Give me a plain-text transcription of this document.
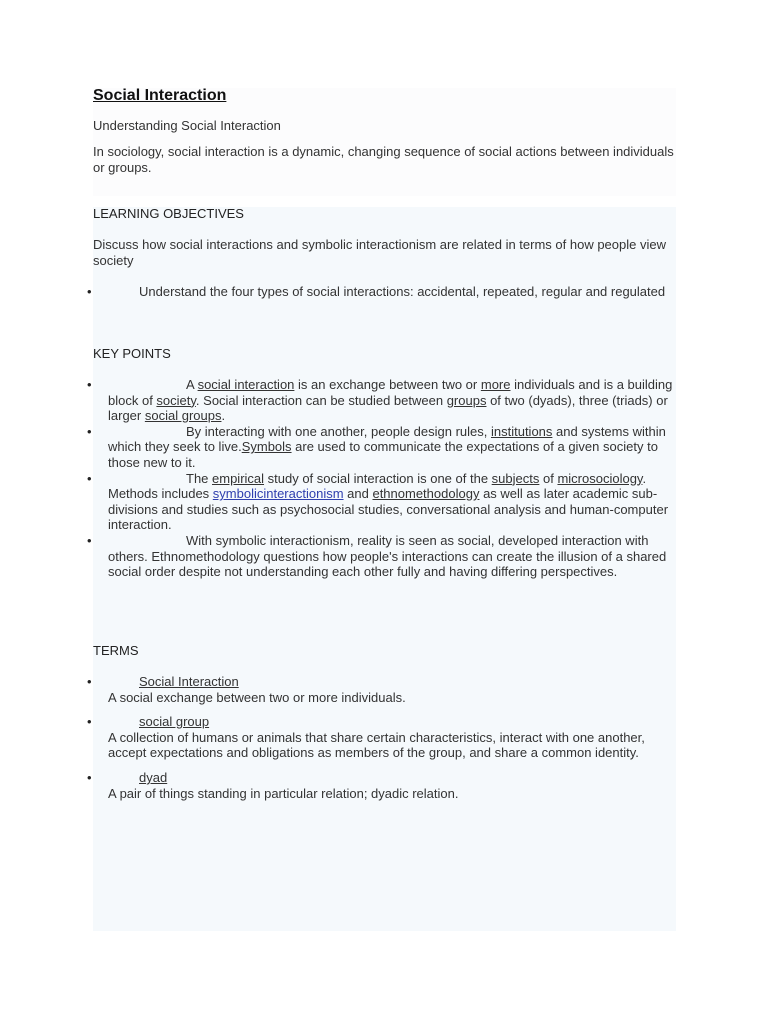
Social Interaction

Understanding Social Interaction

In sociology, social interaction is a dynamic, changing sequence of social actions between individuals or groups.

LEARNING OBJECTIVES

Discuss how social interactions and symbolic interactionism are related in terms of how people view society

•	Understand the four types of social interactions: accidental, repeated, regular and regulated

KEY POINTS

•	A social interaction is an exchange between two or more individuals and is a building block of society. Social interaction can be studied between groups of two (dyads), three (triads) or larger social groups.
•	By interacting with one another, people design rules, institutions and systems within which they seek to live.Symbols are used to communicate the expectations of a given society to those new to it.
•	The empirical study of social interaction is one of the subjects of microsociology. Methods includes symbolicinteractionism and ethnomethodology as well as later academic sub-divisions and studies such as psychosocial studies, conversational analysis and human-computer interaction.
•	With symbolic interactionism, reality is seen as social, developed interaction with others. Ethnomethodology questions how people's interactions can create the illusion of a shared social order despite not understanding each other fully and having differing perspectives.

TERMS

•	Social Interaction
A social exchange between two or more individuals.
•	social group
A collection of humans or animals that share certain characteristics, interact with one another, accept expectations and obligations as members of the group, and share a common identity.
•	dyad
A pair of things standing in particular relation; dyadic relation.
